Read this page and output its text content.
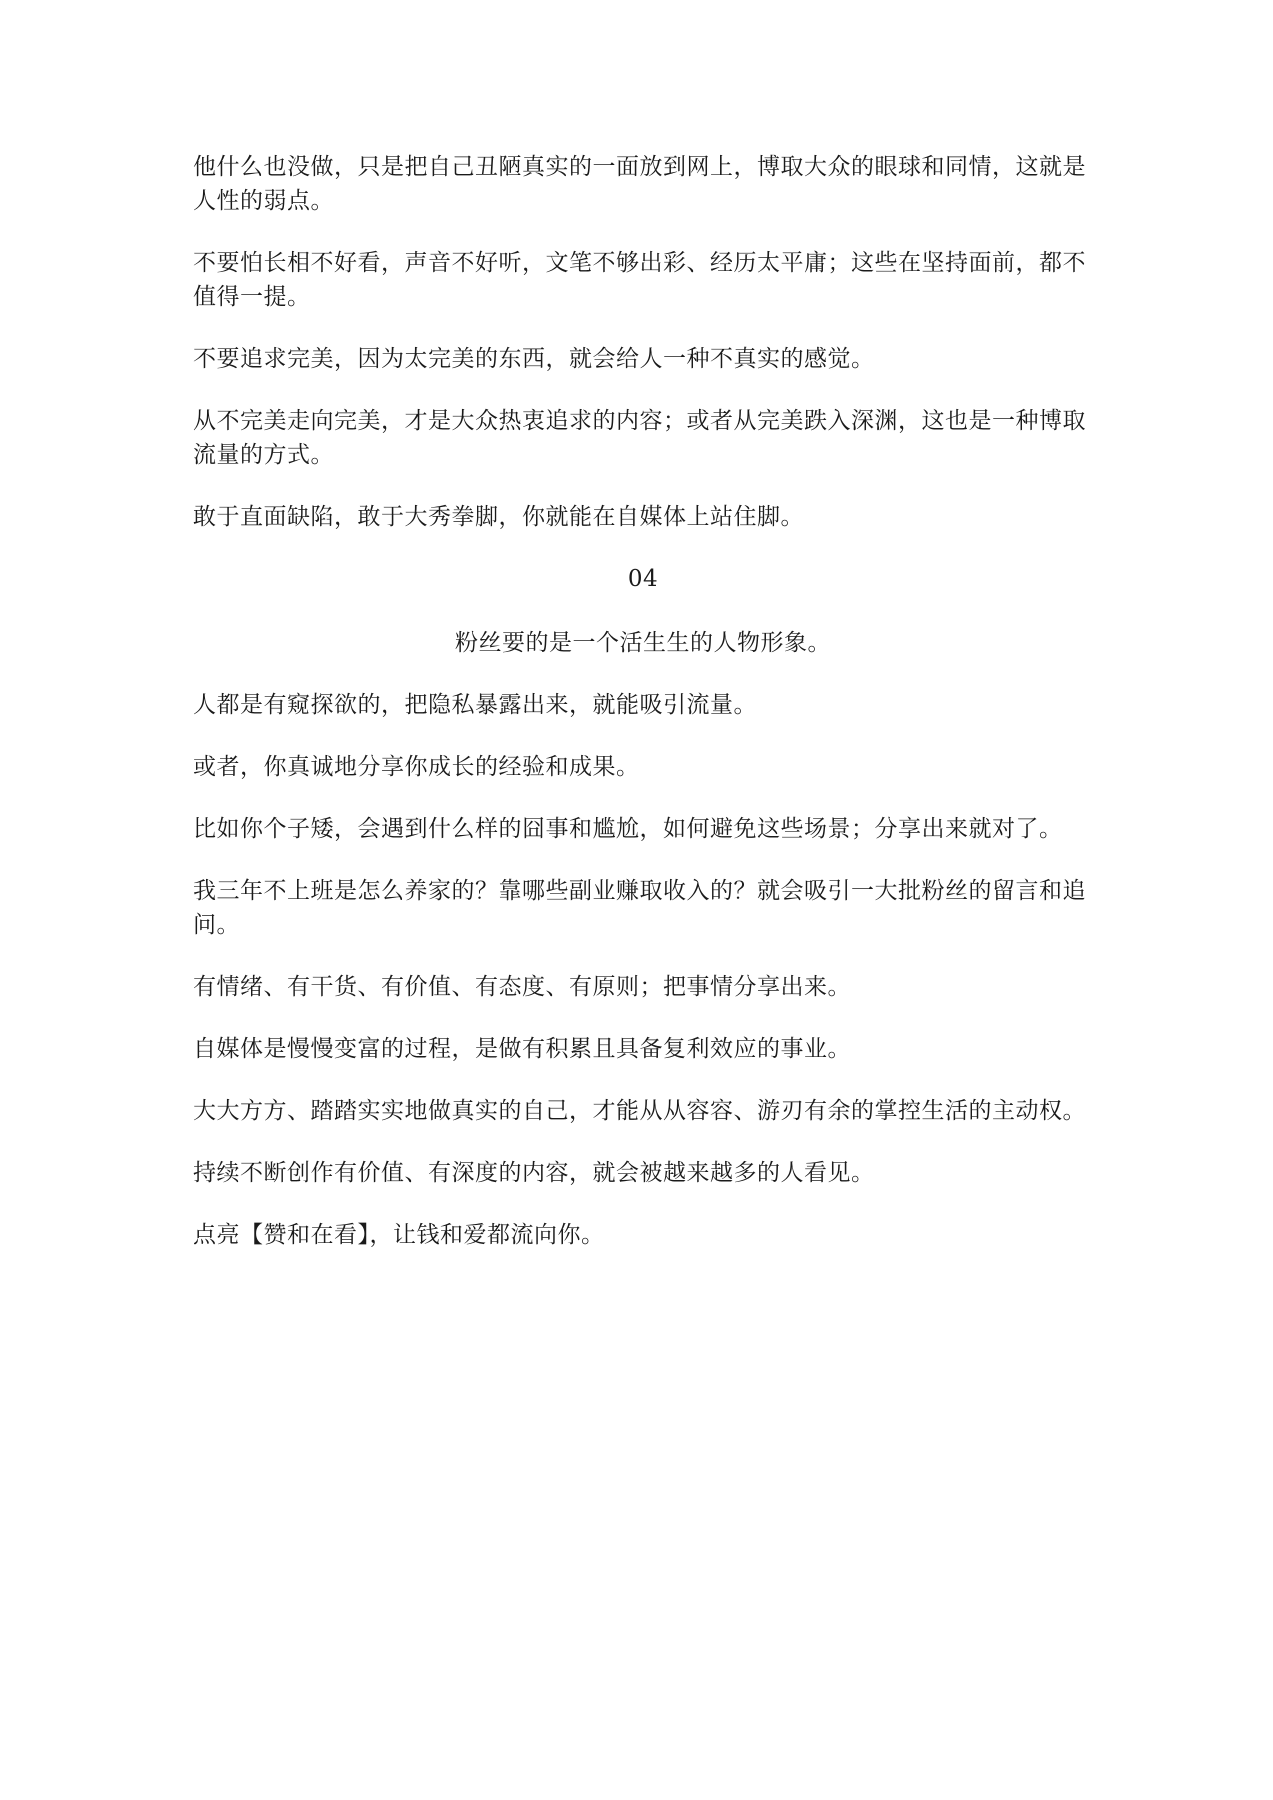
他什么也没做，只是把自己丑陋真实的一面放到网上，博取大众的眼球和同情，这就是人性的弱点。

不要怕长相不好看，声音不好听，文笔不够出彩、经历太平庸；这些在坚持面前，都不值得一提。

不要追求完美，因为太完美的东西，就会给人一种不真实的感觉。

从不完美走向完美，才是大众热衷追求的内容；或者从完美跌入深渊，这也是一种博取流量的方式。

敢于直面缺陷，敢于大秀拳脚，你就能在自媒体上站住脚。

04

粉丝要的是一个活生生的人物形象。

人都是有窥探欲的，把隐私暴露出来，就能吸引流量。

或者，你真诚地分享你成长的经验和成果。

比如你个子矮，会遇到什么样的囧事和尴尬，如何避免这些场景；分享出来就对了。

我三年不上班是怎么养家的？靠哪些副业赚取收入的？就会吸引一大批粉丝的留言和追问。

有情绪、有干货、有价值、有态度、有原则；把事情分享出来。

自媒体是慢慢变富的过程，是做有积累且具备复利效应的事业。

大大方方、踏踏实实地做真实的自己，才能从从容容、游刃有余的掌控生活的主动权。

持续不断创作有价值、有深度的内容，就会被越来越多的人看见。

点亮【赞和在看】，让钱和爱都流向你。
